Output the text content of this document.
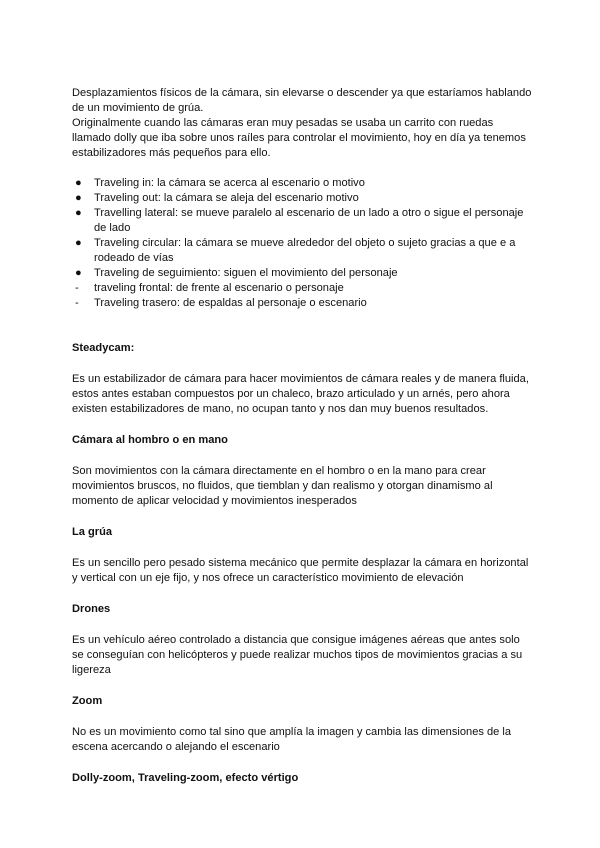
Desplazamientos físicos de la cámara, sin elevarse o descender ya que estaríamos hablando de un movimiento de grúa.

Originalmente cuando las cámaras eran muy pesadas se usaba un carrito con ruedas llamado dolly que iba sobre unos raíles para controlar el movimiento, hoy en día ya tenemos estabilizadores más pequeños para ello.

●	Traveling in: la cámara se acerca al escenario o motivo
●	Traveling out: la cámara se aleja del escenario motivo
●	Travelling lateral: se mueve paralelo al escenario de un lado a otro o sigue el personaje de lado
●	Traveling circular: la cámara se mueve alrededor del objeto o sujeto gracias a que e a rodeado de vías
●	Traveling de seguimiento: siguen el movimiento del personaje
-	traveling frontal: de frente al escenario o personaje
-	Traveling trasero: de espaldas al personaje o escenario
Steadycam:

Es un estabilizador de cámara para hacer movimientos de cámara reales y de manera fluida, estos antes estaban compuestos por un chaleco, brazo articulado y un arnés, pero ahora existen estabilizadores de mano, no ocupan tanto y nos dan muy buenos resultados.

Cámara al hombro o en mano

Son movimientos con la cámara directamente en el hombro o en la mano para crear movimientos bruscos, no fluidos, que tiemblan y dan realismo y otorgan dinamismo al momento de aplicar velocidad y movimientos inesperados

La grúa

Es un sencillo pero pesado sistema mecánico que permite desplazar la cámara en horizontal y vertical con un eje fijo, y nos ofrece un característico movimiento de elevación

Drones

Es un vehículo aéreo controlado a distancia que consigue imágenes aéreas que antes solo se conseguían con helicópteros y puede realizar muchos tipos de movimientos gracias a su ligereza

Zoom

No es un movimiento como tal sino que amplía la imagen y cambia las dimensiones de la escena acercando o alejando el escenario

Dolly-zoom, Traveling-zoom, efecto vértigo
